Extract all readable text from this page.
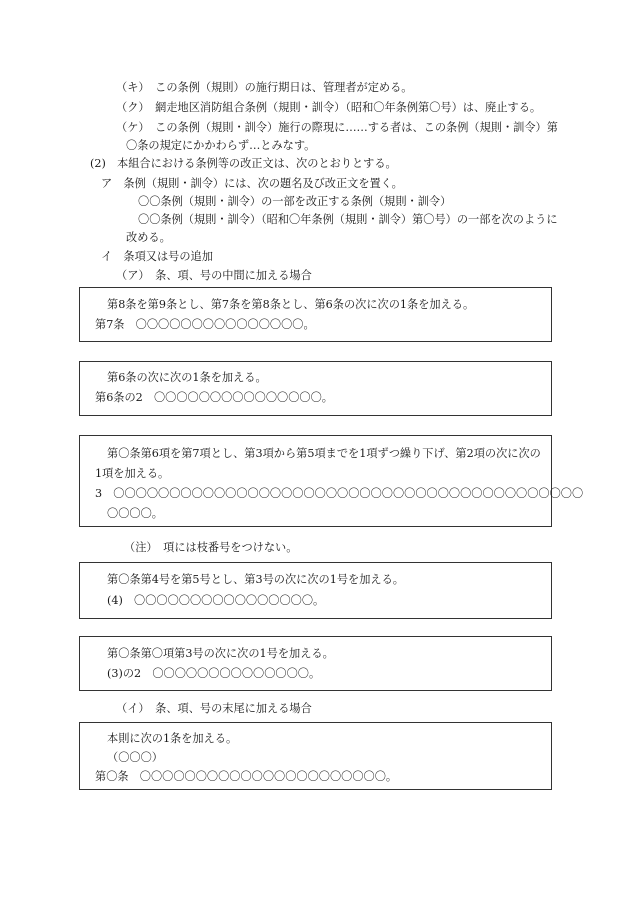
（キ）　この条例（規則）の施行期日は、管理者が定める。
（ク）　網走地区消防組合条例（規則・訓令）（昭和〇年条例第〇号）は、廃止する。
（ケ）　この条例（規則・訓令）施行の際現に……する者は、この条例（規則・訓令）第
〇条の規定にかかわらず…とみなす。
(2)　本組合における条例等の改正文は、次のとおりとする。
ア　条例（規則・訓令）には、次の題名及び改正文を置く。
〇〇条例（規則・訓令）の一部を改正する条例（規則・訓令）
〇〇条例（規則・訓令）（昭和〇年条例（規則・訓令）第〇号）の一部を次のように
改める。
イ　条項又は号の追加
（ア）　条、項、号の中間に加える場合
第8条を第9条とし、第7条を第8条とし、第6条の次に次の1条を加える。
第7条　〇〇〇〇〇〇〇〇〇〇〇〇〇〇〇。
第6条の次に次の1条を加える。
第6条の2　〇〇〇〇〇〇〇〇〇〇〇〇〇〇〇。
第〇条第6項を第7項とし、第3項から第5項までを1項ずつ繰り下げ、第2項の次に次の
1項を加える。
3　〇〇〇〇〇〇〇〇〇〇〇〇〇〇〇〇〇〇〇〇〇〇〇〇〇〇〇〇〇〇〇〇〇〇〇〇〇〇〇〇〇〇
〇〇〇〇。
（注）　項には枝番号をつけない。
第〇条第4号を第5号とし、第3号の次に次の1号を加える。
(4)　〇〇〇〇〇〇〇〇〇〇〇〇〇〇〇〇。
第〇条第〇項第3号の次に次の1号を加える。
(3)の2　〇〇〇〇〇〇〇〇〇〇〇〇〇〇。
（イ）　条、項、号の末尾に加える場合
本則に次の1条を加える。
（〇〇〇）
第〇条　〇〇〇〇〇〇〇〇〇〇〇〇〇〇〇〇〇〇〇〇〇〇。
